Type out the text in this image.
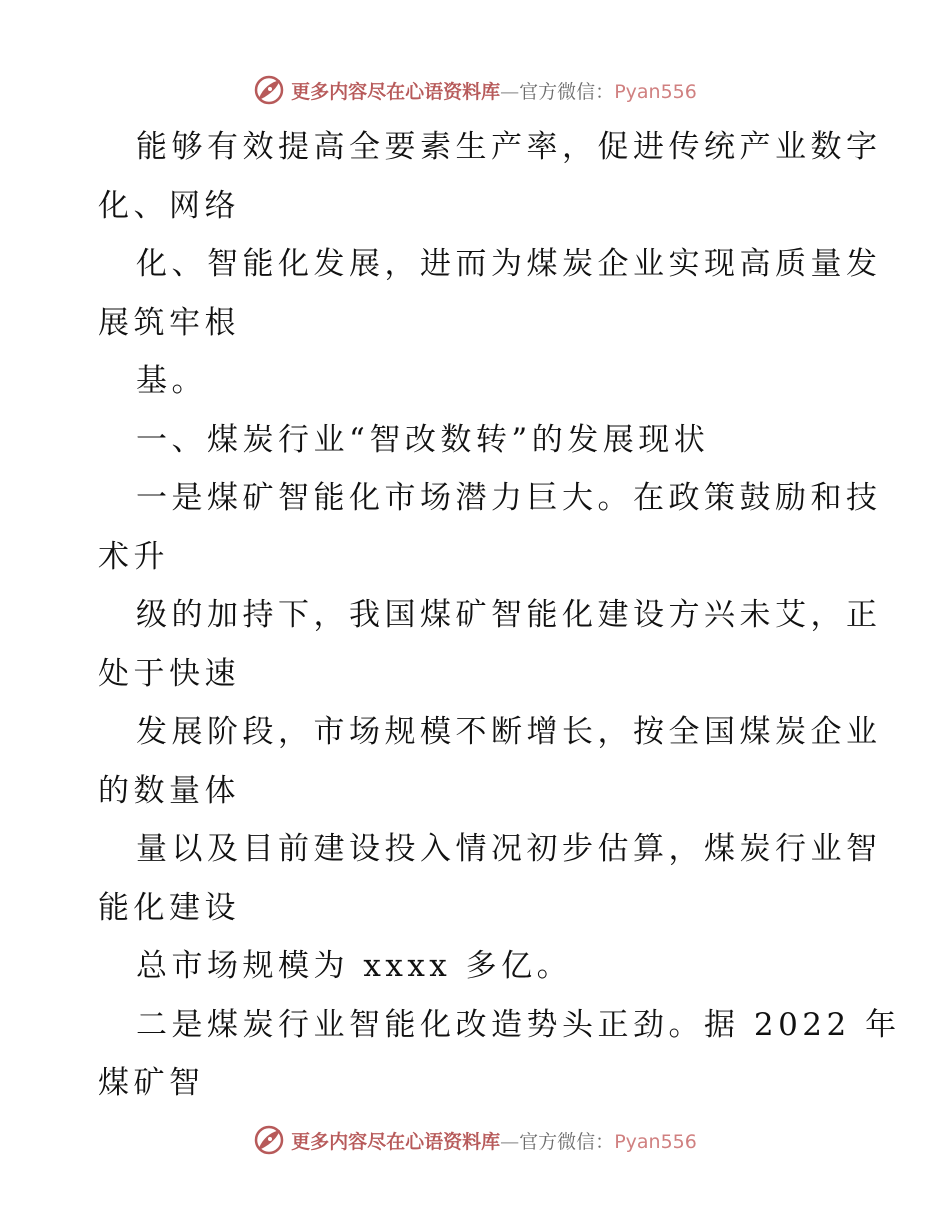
更多内容尽在心语资料库—官方微信：Pyan556
能够有效提高全要素生产率，促进传统产业数字
化、网络
化、智能化发展，进而为煤炭企业实现高质量发
展筑牢根
基。
一、煤炭行业“智改数转”的发展现状
一是煤矿智能化市场潜力巨大。在政策鼓励和技
术升
级的加持下，我国煤矿智能化建设方兴未艾，正
处于快速
发展阶段，市场规模不断增长，按全国煤炭企业
的数量体
量以及目前建设投入情况初步估算，煤炭行业智
能化建设
总市场规模为 xxxx 多亿。
二是煤炭行业智能化改造势头正劲。据 2022 年
煤矿智
更多内容尽在心语资料库—官方微信：Pyan556
